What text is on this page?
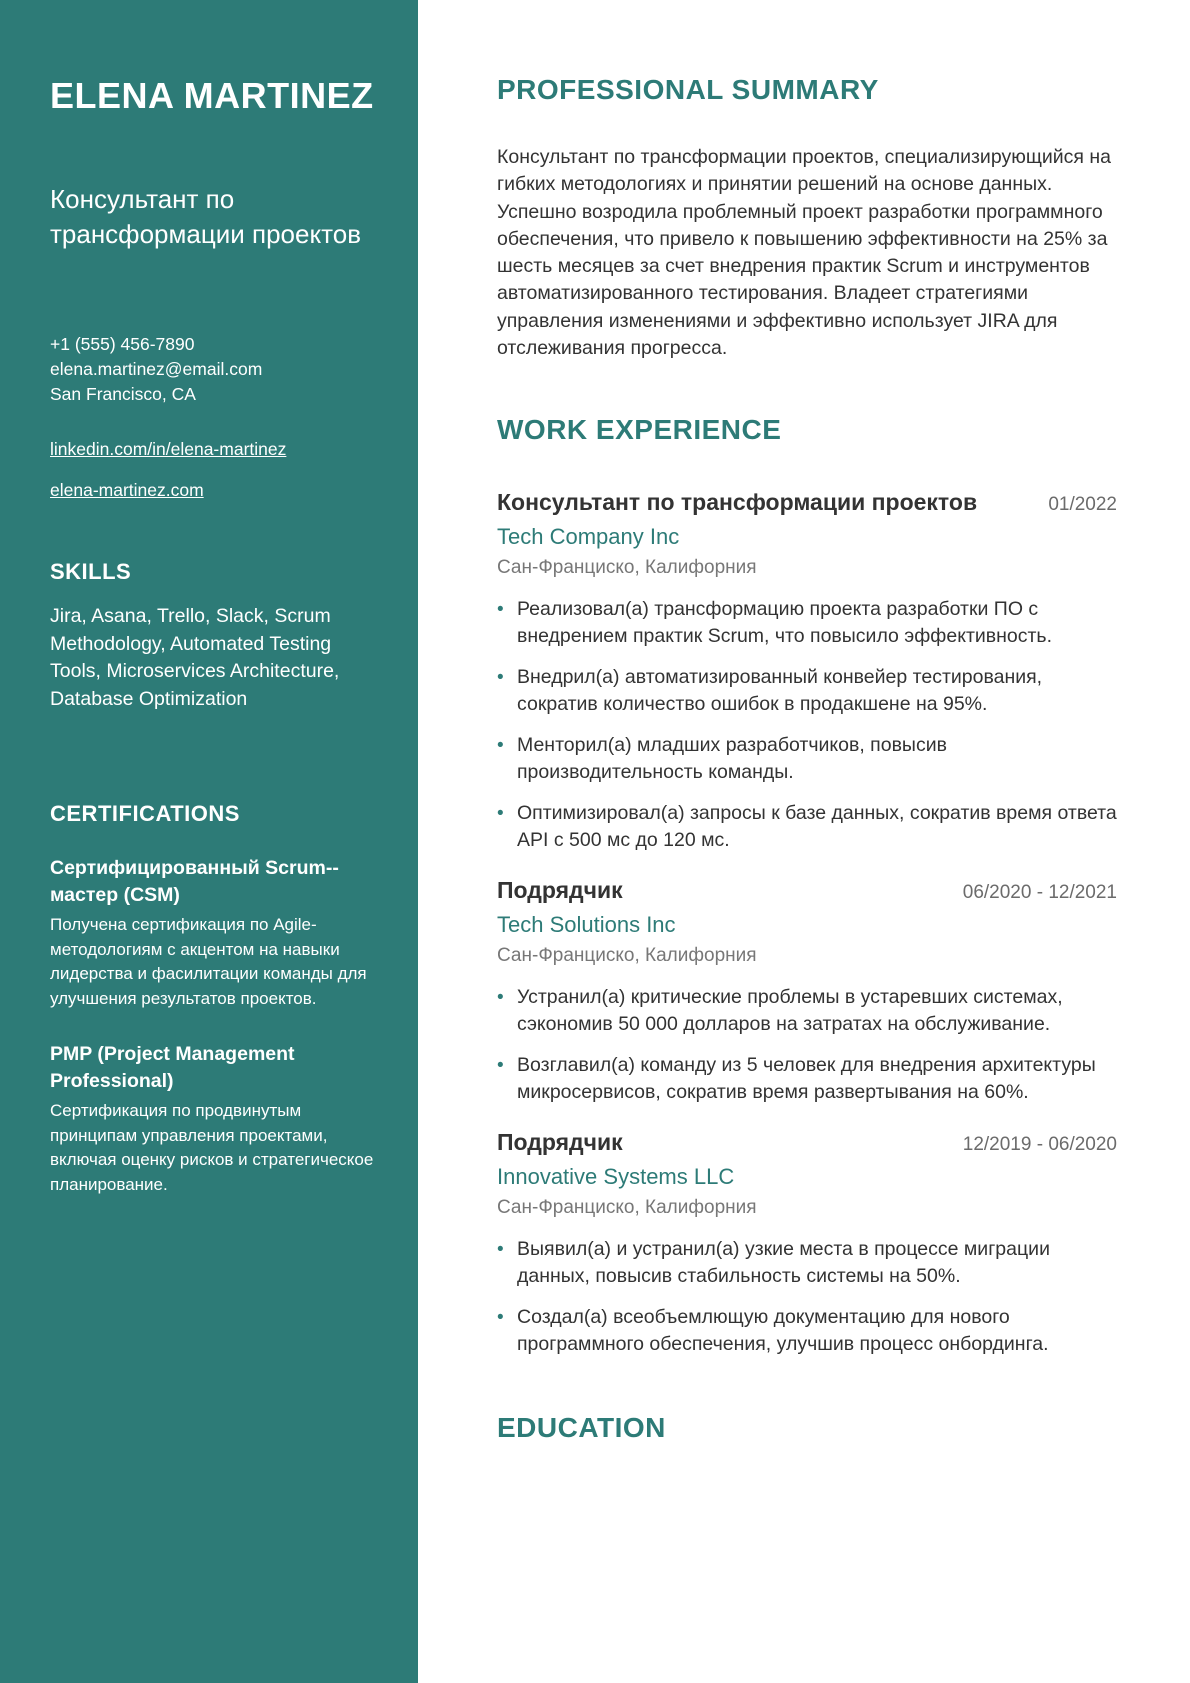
ELENA MARTINEZ
Консультант по трансформации проектов
+1 (555) 456-7890
elena.martinez@email.com
San Francisco, CA
linkedin.com/in/elena-martinez
elena-martinez.com
SKILLS
Jira, Asana, Trello, Slack, Scrum Methodology, Automated Testing Tools, Microservices Architecture, Database Optimization
CERTIFICATIONS
Сертифицированный Scrum--мастер (CSM)
Получена сертификация по Agile-методологиям с акцентом на навыки лидерства и фасилитации команды для улучшения результатов проектов.
PMP (Project Management Professional)
Сертификация по продвинутым принципам управления проектами, включая оценку рисков и стратегическое планирование.
PROFESSIONAL SUMMARY
Консультант по трансформации проектов, специализирующийся на гибких методологиях и принятии решений на основе данных. Успешно возродила проблемный проект разработки программного обеспечения, что привело к повышению эффективности на 25% за шесть месяцев за счет внедрения практик Scrum и инструментов автоматизированного тестирования. Владеет стратегиями управления изменениями и эффективно использует JIRA для отслеживания прогресса.
WORK EXPERIENCE
Консультант по трансформации проектов	01/2022
Tech Company Inc
Сан-Франциско, Калифорния
• Реализовал(а) трансформацию проекта разработки ПО с внедрением практик Scrum, что повысило эффективность.
• Внедрил(а) автоматизированный конвейер тестирования, сократив количество ошибок в продакшене на 95%.
• Менторил(а) младших разработчиков, повысив производительность команды.
• Оптимизировал(а) запросы к базе данных, сократив время ответа API с 500 мс до 120 мс.
Подрядчик	06/2020 - 12/2021
Tech Solutions Inc
Сан-Франциско, Калифорния
• Устранил(а) критические проблемы в устаревших системах, сэкономив 50 000 долларов на затратах на обслуживание.
• Возглавил(а) команду из 5 человек для внедрения архитектуры микросервисов, сократив время развертывания на 60%.
Подрядчик	12/2019 - 06/2020
Innovative Systems LLC
Сан-Франциско, Калифорния
• Выявил(а) и устранил(а) узкие места в процессе миграции данных, повысив стабильность системы на 50%.
• Создал(а) всеобъемлющую документацию для нового программного обеспечения, улучшив процесс онбординга.
EDUCATION
